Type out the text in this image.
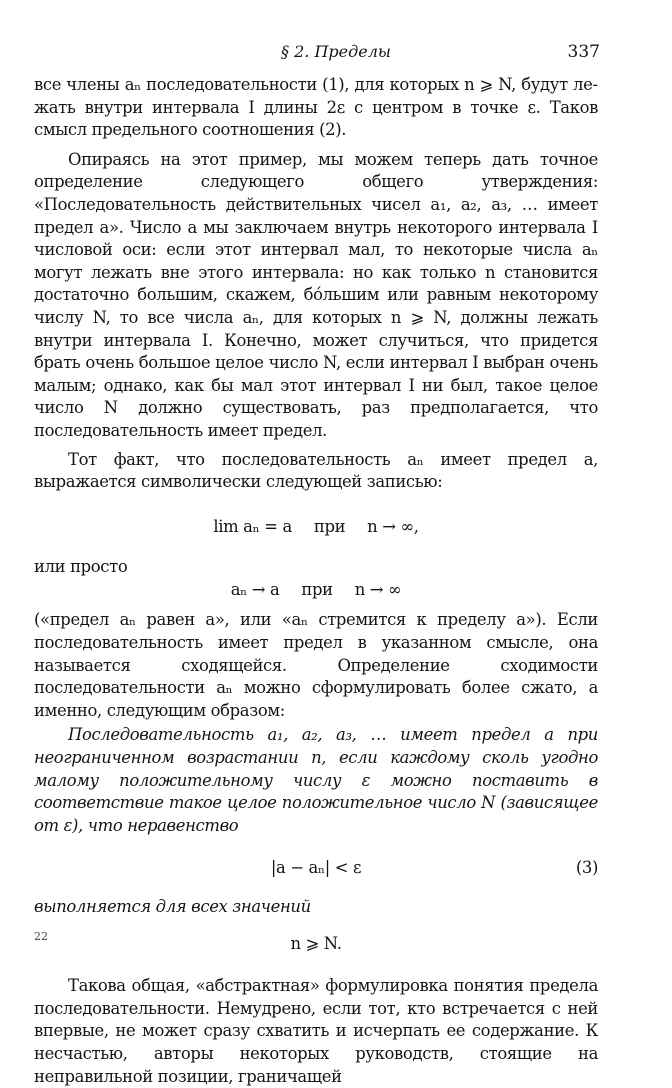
§ 2. Пределы	337

все члены aₙ последовательности (1), для которых n ⩾ N, будут лежать внутри интервала I длины 2ε с центром в точке ε. Таков смысл предельного соотношения (2).

Опираясь на этот пример, мы можем теперь дать точное определение следующего общего утверждения: «Последовательность действительных чисел a₁, a₂, a₃, … имеет предел a». Число a мы заключаем внутрь некоторого интервала I числовой оси: если этот интервал мал, то некоторые числа aₙ могут лежать вне этого интервала: но как только n становится достаточно большим, скажем, бо́льшим или равным некоторому числу N, то все числа aₙ, для которых n ⩾ N, должны лежать внутри интервала I. Конечно, может случиться, что придется брать очень большое целое число N, если интервал I выбран очень малым; однако, как бы мал этот интервал I ни был, такое целое число N должно существовать, раз предполагается, что последовательность имеет предел.

Тот факт, что последовательность aₙ имеет предел a, выражается символически следующей записью:

lim aₙ = a при n → ∞,

или просто

aₙ → a при n → ∞

(«предел aₙ равен a», или «aₙ стремится к пределу a»). Если последовательность имеет предел в указанном смысле, она называется сходящейся. Определение сходимости последовательности aₙ можно сформулировать более сжато, а именно, следующим образом:

Последовательность a₁, a₂, a₃, … имеет предел a при неограниченном возрастании n, если каждому сколь угодно малому положительному числу ε можно поставить в соответствие такое целое положительное число N (зависящее от ε), что неравенство

|a − aₙ| < ε	(3)

выполняется для всех значений

n ⩾ N.

Такова общая, «абстрактная» формулировка понятия предела последовательности. Немудрено, если тот, кто встречается с ней впервые, не может сразу схватить и исчерпать ее содержание. К несчастью, авторы некоторых руководств, стоящие на неправильной позиции, граничащей

22
